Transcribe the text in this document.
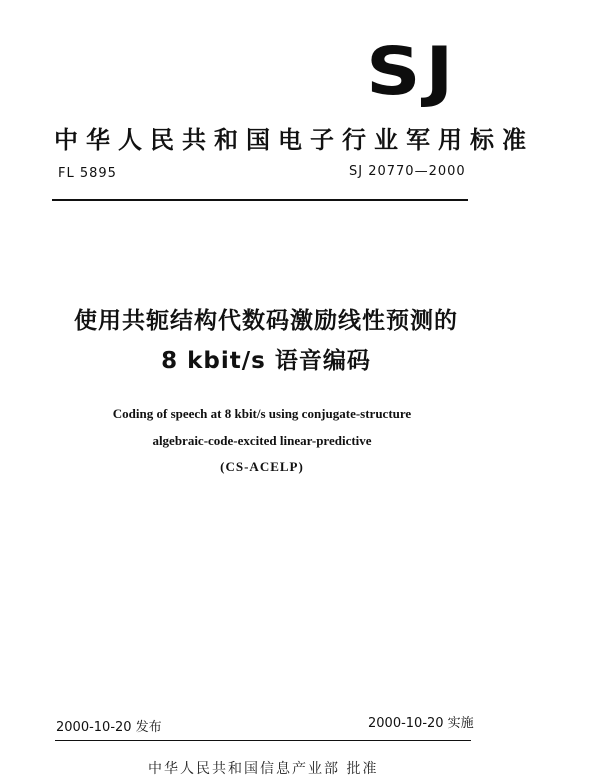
SJ
中华人民共和国电子行业军用标准
FL 5895	SJ 20770—2000
使用共轭结构代数码激励线性预测的
8 kbit/s 语音编码
Coding of speech at 8 kbit/s using conjugate-structure
algebraic-code-excited linear-predictive
(CS-ACELP)
2000-10-20 发布	2000-10-20 实施
中华人民共和国信息产业部 批准
